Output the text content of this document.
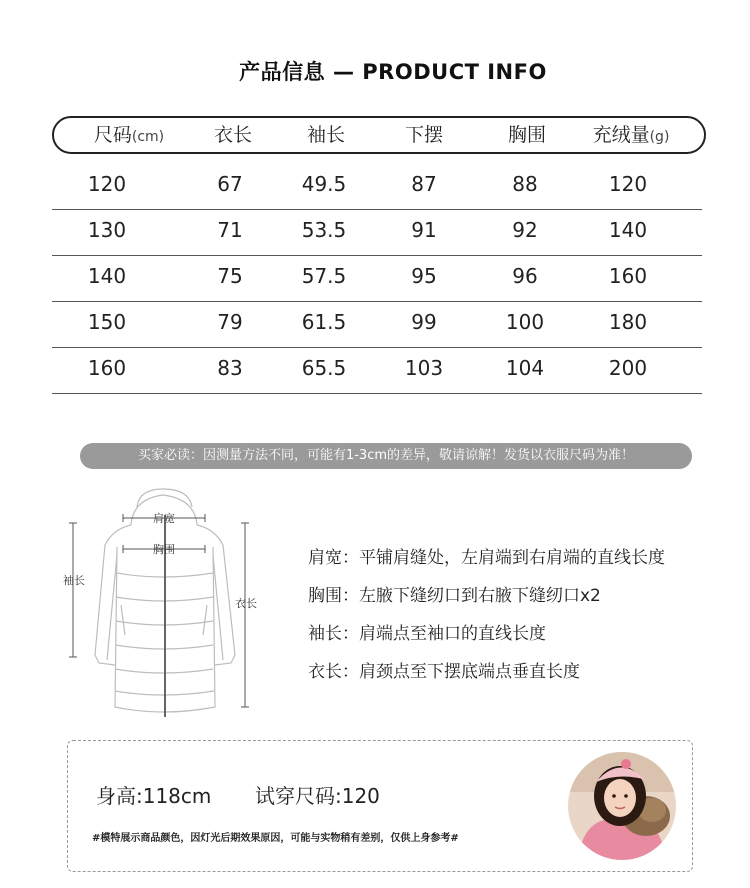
产品信息 — PRODUCT INFO
尺码(cm)	衣长	袖长	下摆	胸围	充绒量(g)
120	67	49.5	87	88	120
130	71	53.5	91	92	140
140	75	57.5	95	96	160
150	79	61.5	99	100	180
160	83	65.5	103	104	200
买家必读：因测量方法不同，可能有1-3cm的差异，敬请谅解！发货以衣服尺码为准！
肩宽
胸围
袖长
衣长
肩宽：平铺肩缝处，左肩端到右肩端的直线长度
胸围：左腋下缝纫口到右腋下缝纫口x2
袖长：肩端点至袖口的直线长度
衣长：肩颈点至下摆底端点垂直长度
身高:118cm 试穿尺码:120
#模特展示商品颜色，因灯光后期效果原因，可能与实物稍有差别，仅供上身参考#
